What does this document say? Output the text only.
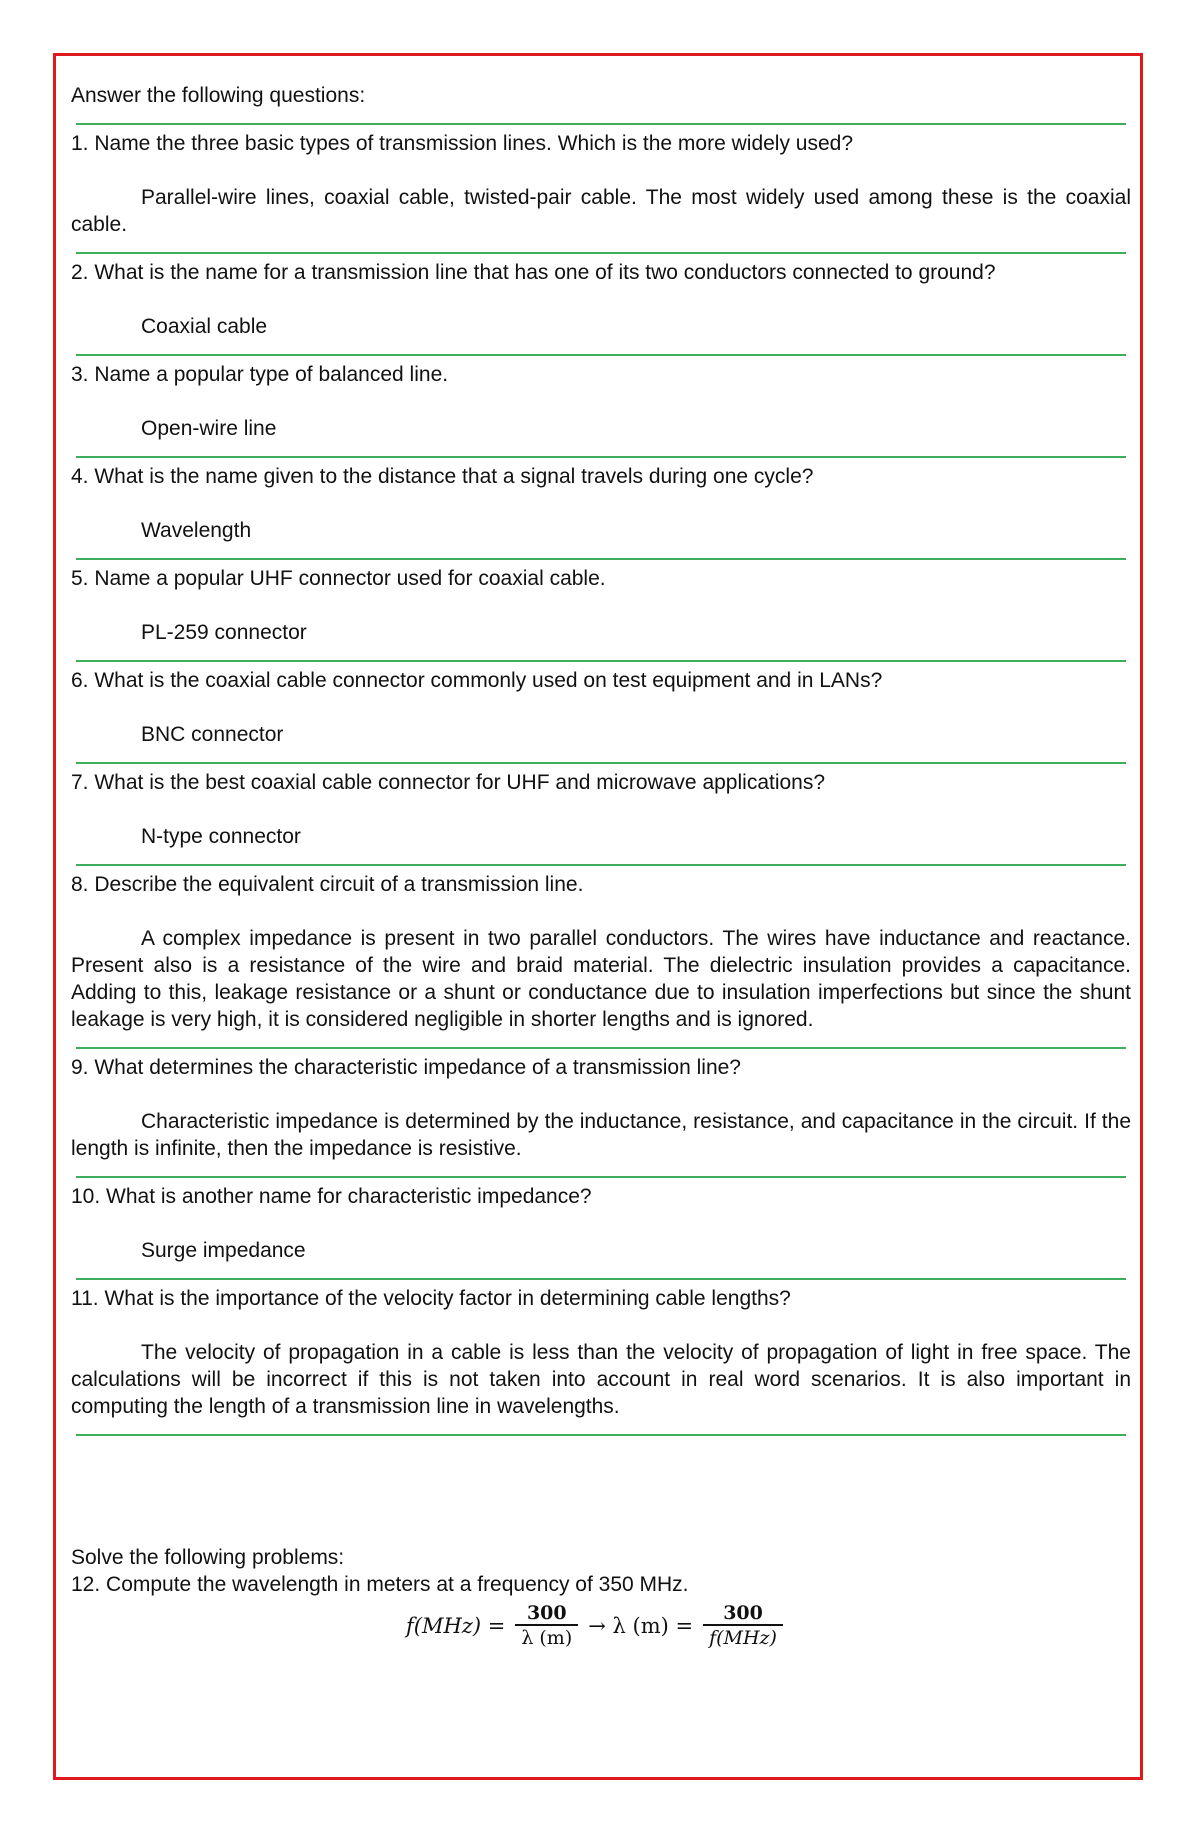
Answer the following questions:

1. Name the three basic types of transmission lines. Which is the more widely used?

Parallel-wire lines, coaxial cable, twisted-pair cable. The most widely used among these is the coaxial cable.

2. What is the name for a transmission line that has one of its two conductors connected to ground?

Coaxial cable

3. Name a popular type of balanced line.

Open-wire line

4. What is the name given to the distance that a signal travels during one cycle?

Wavelength

5. Name a popular UHF connector used for coaxial cable.

PL-259 connector

6. What is the coaxial cable connector commonly used on test equipment and in LANs?

BNC connector

7. What is the best coaxial cable connector for UHF and microwave applications?

N-type connector

8. Describe the equivalent circuit of a transmission line.

A complex impedance is present in two parallel conductors. The wires have inductance and reactance. Present also is a resistance of the wire and braid material. The dielectric insulation provides a capacitance. Adding to this, leakage resistance or a shunt or conductance due to insulation imperfections but since the shunt leakage is very high, it is considered negligible in shorter lengths and is ignored.

9. What determines the characteristic impedance of a transmission line?

Characteristic impedance is determined by the inductance, resistance, and capacitance in the circuit. If the length is infinite, then the impedance is resistive.

10. What is another name for characteristic impedance?

Surge impedance

11. What is the importance of the velocity factor in determining cable lengths?

The velocity of propagation in a cable is less than the velocity of propagation of light in free space. The calculations will be incorrect if this is not taken into account in real word scenarios. It is also important in computing the length of a transmission line in wavelengths.

Solve the following problems:

12. Compute the wavelength in meters at a frequency of 350 MHz.

$f(MHz) = \frac{300}{\lambda (m)} \to \lambda$ $(m) = \frac{300}{\text{f(MHz)}}$
